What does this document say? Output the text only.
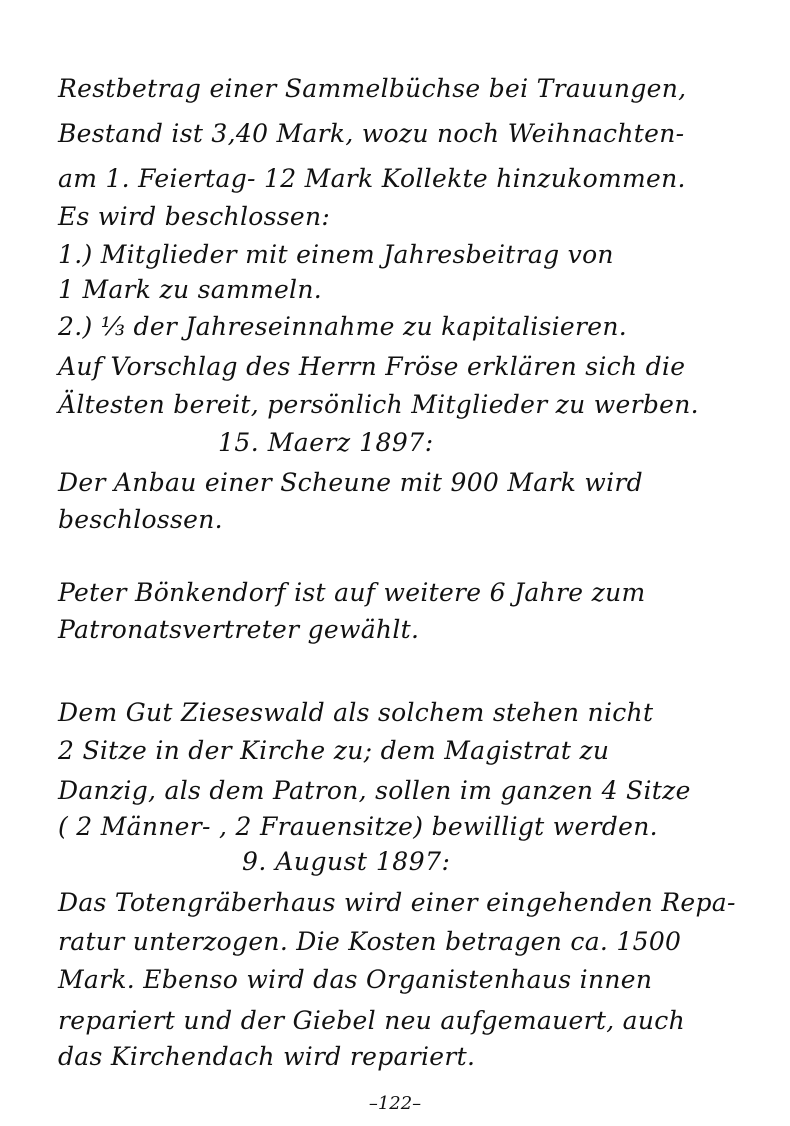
Restbetrag einer Sammelbüchse bei Trauungen,
Bestand ist 3,40 Mark, wozu noch Weihnachten-
am 1. Feiertag- 12 Mark Kollekte hinzukommen.
Es wird beschlossen:
1.) Mitglieder mit einem Jahresbeitrag von
1 Mark zu sammeln.
2.) ⅓ der Jahreseinnahme zu kapitalisieren.
Auf Vorschlag des Herrn Fröse erklären sich die
Ältesten bereit, persönlich Mitglieder zu werben.
15. Maerz 1897:
Der Anbau einer Scheune mit 900 Mark wird
beschlossen.
Peter Bönkendorf ist auf weitere 6 Jahre zum
Patronatsvertreter gewählt.
Dem Gut Zieseswald als solchem stehen nicht
2 Sitze in der Kirche zu; dem Magistrat zu
Danzig, als dem Patron, sollen im ganzen 4 Sitze
( 2 Männer- , 2 Frauensitze) bewilligt werden.
9. August 1897:
Das Totengräberhaus wird einer eingehenden Repa-
ratur unterzogen. Die Kosten betragen ca. 1500
Mark. Ebenso wird das Organistenhaus innen
repariert und der Giebel neu aufgemauert, auch
das Kirchendach wird repariert.
–122–
